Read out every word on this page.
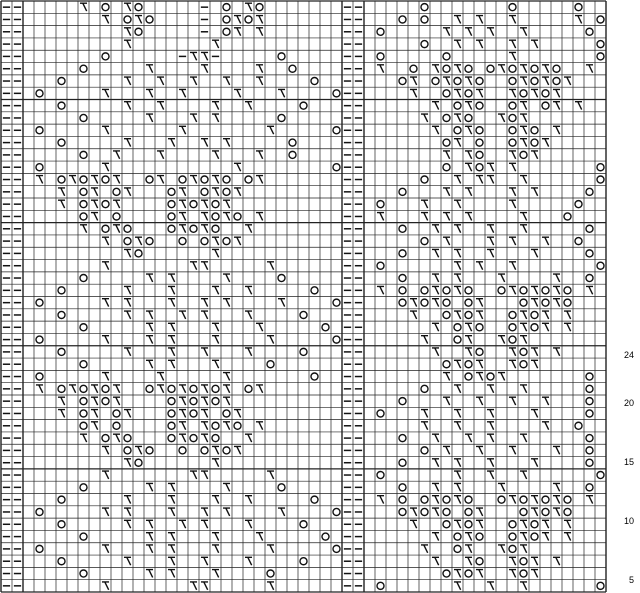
5
10
15
20
24
